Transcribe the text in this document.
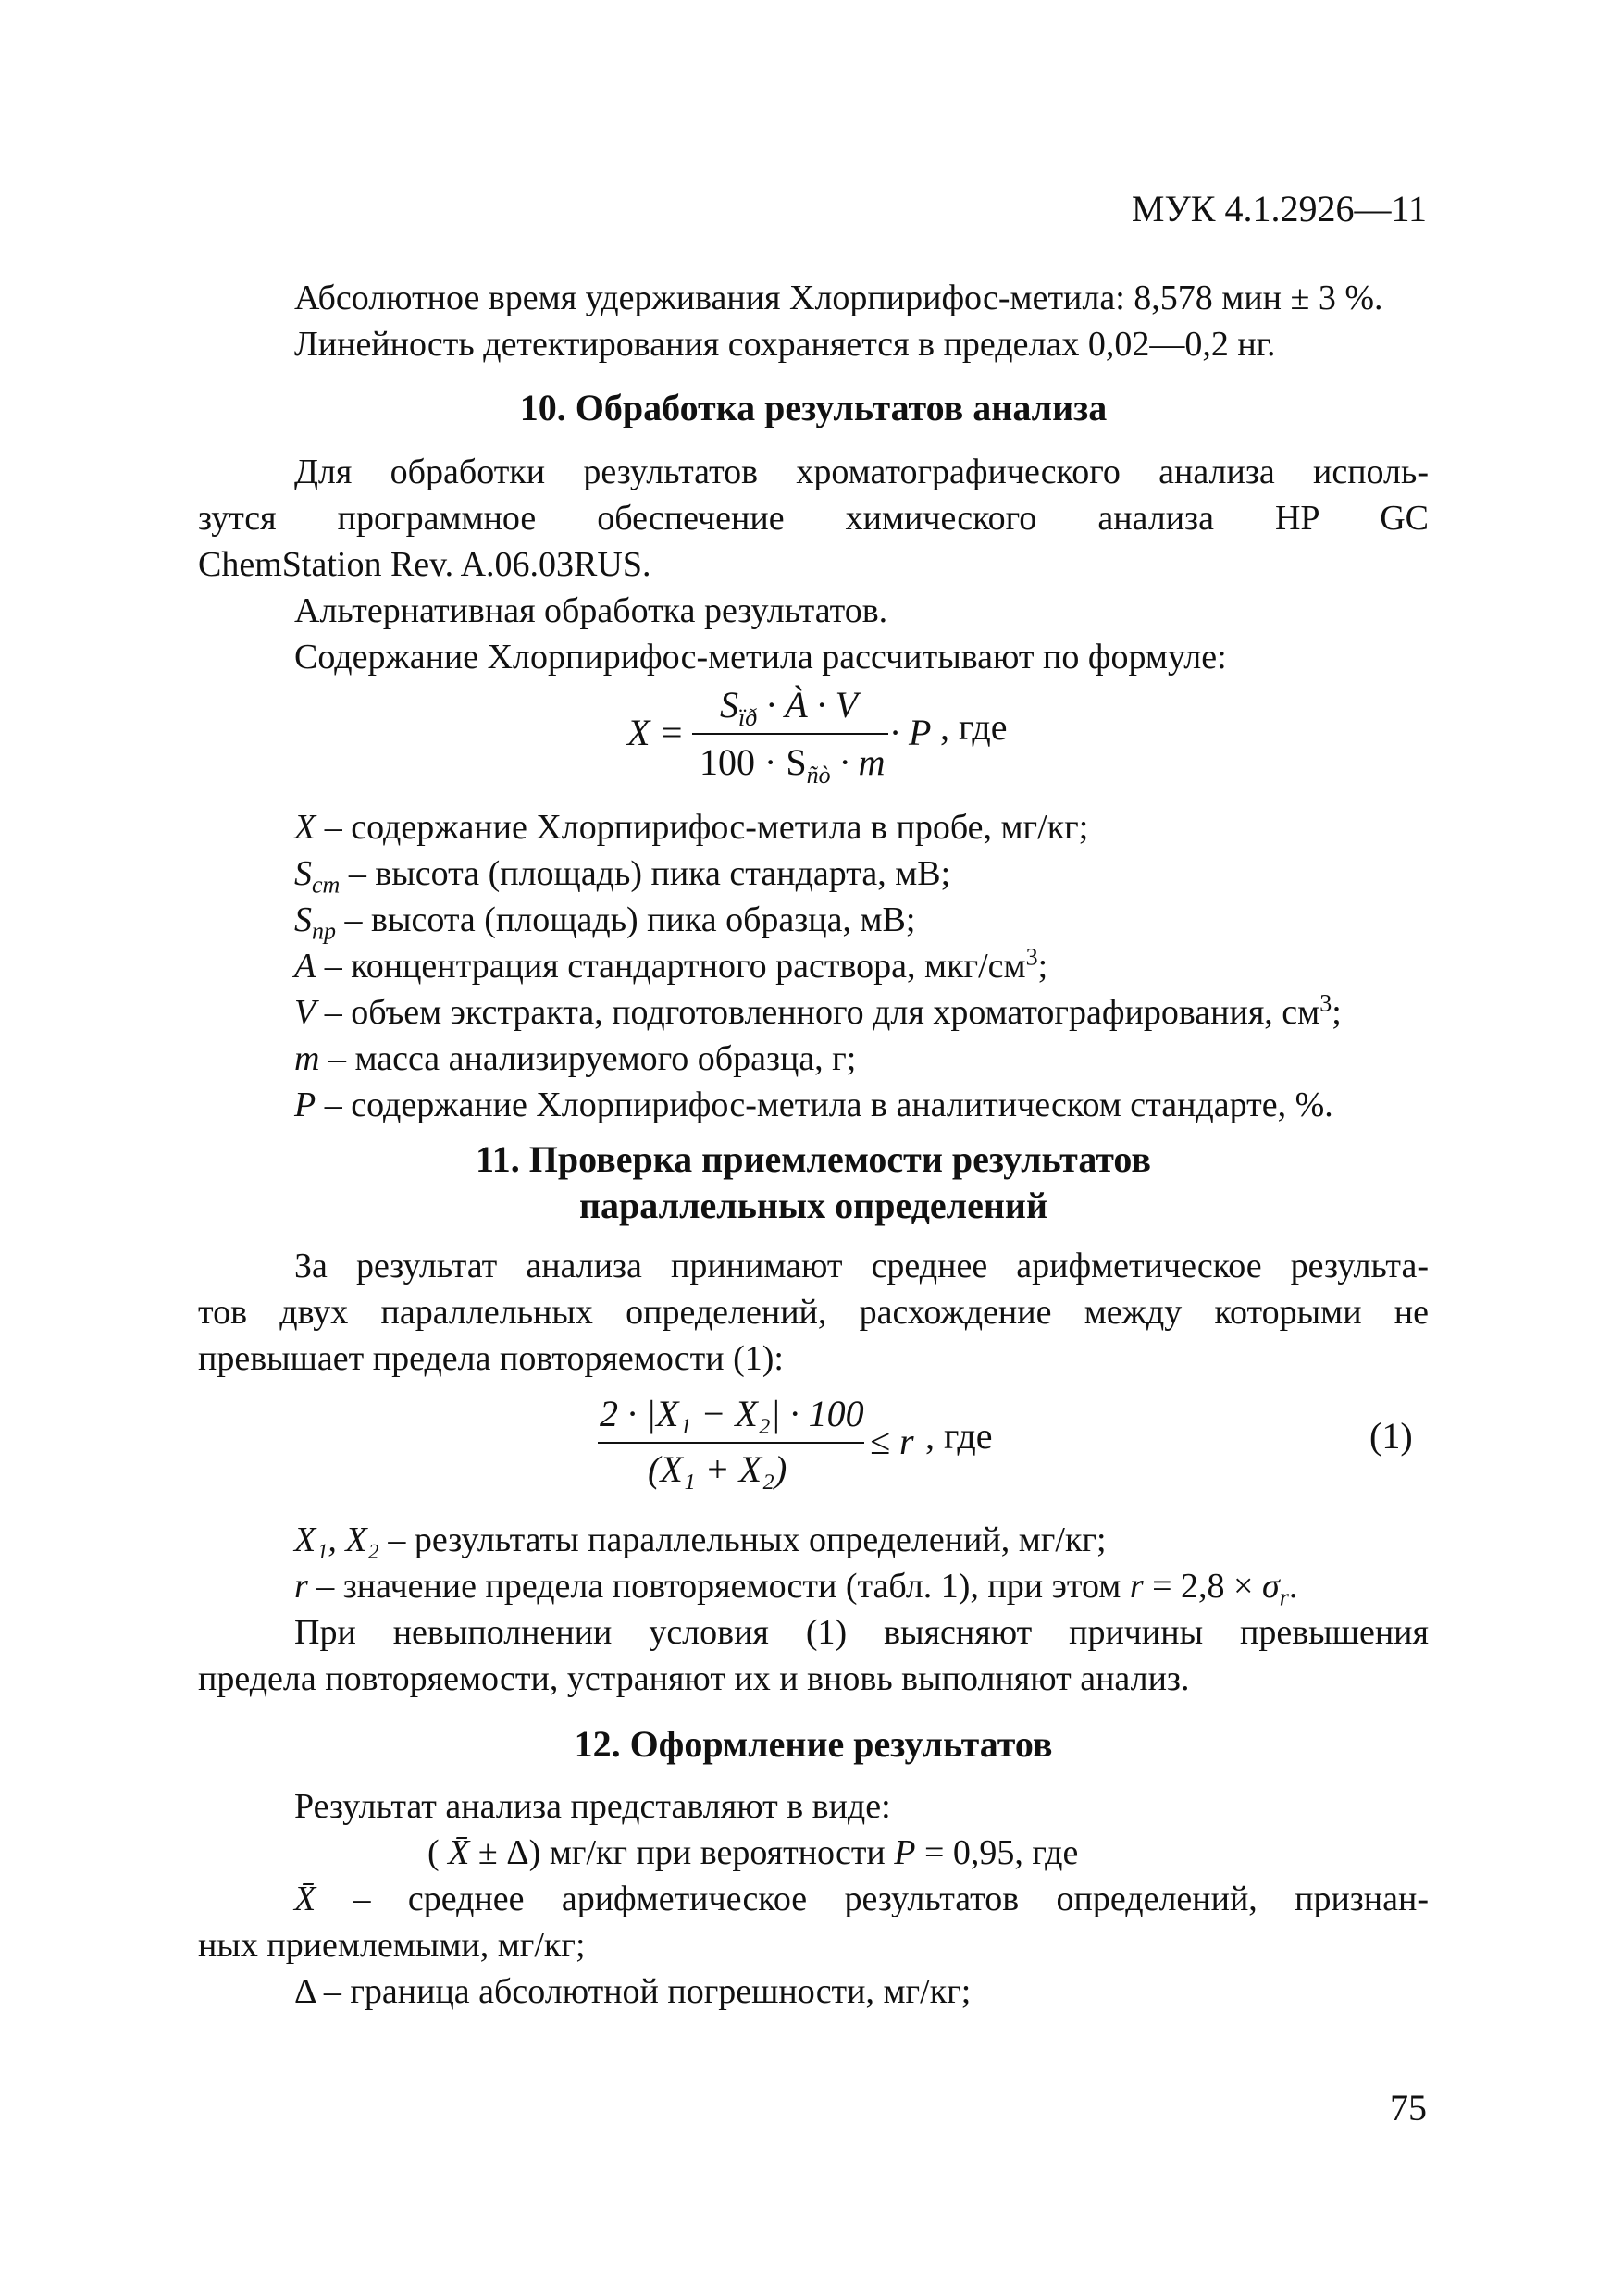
МУК 4.1.2926—11
Абсолютное время удерживания Хлорпирифос-метила: 8,578 мин ± 3 %.
Линейность детектирования сохраняется в пределах 0,02—0,2 нг.
10. Обработка результатов анализа
Для обработки результатов хроматографического анализа исполь-
зутся программное обеспечение химического анализа HP GC
ChemStation Rev. A.06.03RUS.
Альтернативная обработка результатов.
Содержание Хлорпирифос-метила рассчитывают по формуле:
X =
$S_{ïð}$ · À · V
$100 \cdot S_{ñò} \cdot m$
· P , где
X – содержание Хлорпирифос-метила в пробе, мг/кг;
$S_{cm}$ – высота (площадь) пика стандарта, мВ;
$S_{np}$ – высота (площадь) пика образца, мВ;
A – концентрация стандартного раствора, мкг/$см^3$;
V – объем экстракта, подготовленного для хроматографирования, $см^3$;
m – масса анализируемого образца, г;
P – содержание Хлорпирифос-метила в аналитическом стандарте, %.
11. Проверка приемлемости результатов
параллельных определений
За результат анализа принимают среднее арифметическое результа-
тов двух параллельных определений, расхождение между которыми не
превышает предела повторяемости (1):
2 · |X₁ − X₂| · 100
(X₁ + X₂)
≤ r , где	(1)
X₁, X₂ – результаты параллельных определений, мг/кг;
r – значение предела повторяемости (табл. 1), при этом $r = 2,8 \times \sigma_r$.
При невыполнении условия (1) выясняют причины превышения
предела повторяемости, устраняют их и вновь выполняют анализ.
12. Оформление результатов
Результат анализа представляют в виде:
( X̄ ± Δ) мг/кг при вероятности P = 0,95, где
X̄ – среднее арифметическое результатов определений, признан-
ных приемлемыми, мг/кг;
Δ – граница абсолютной погрешности, мг/кг;
75
